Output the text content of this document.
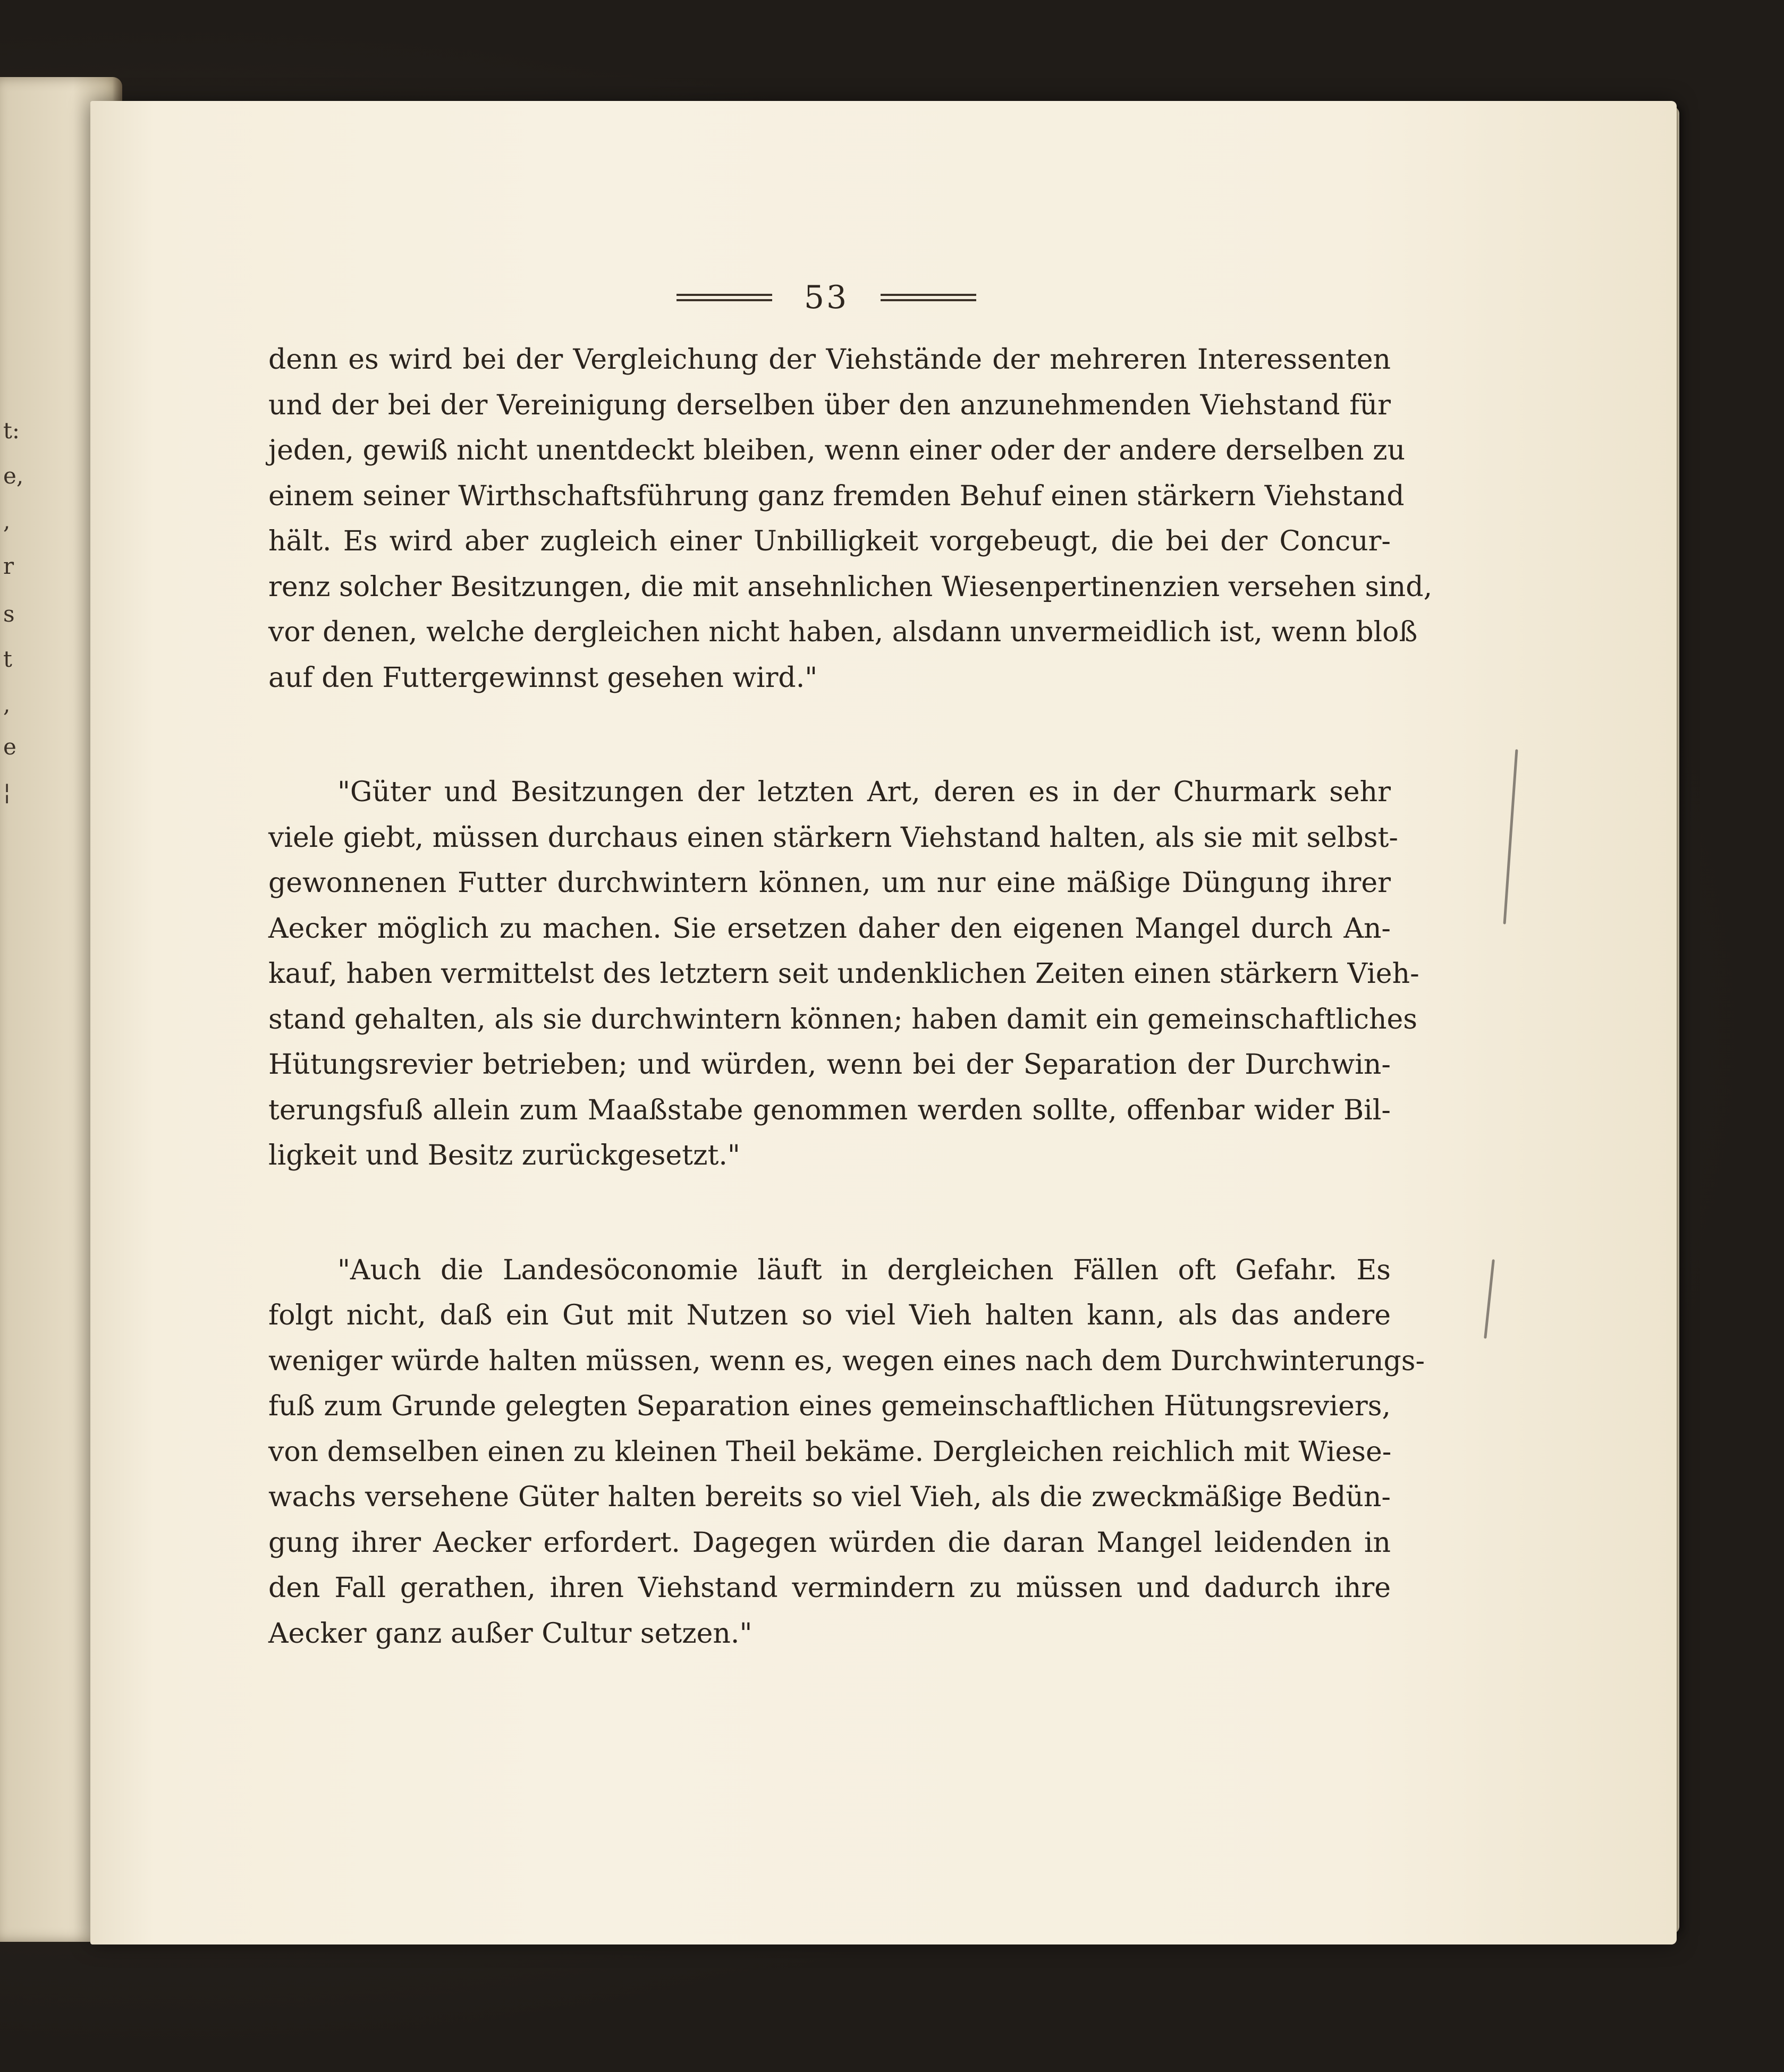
t:
e,
,
r
s
t
,
e
¦
53

denn es wird bei der Vergleichung der Viehstände der mehreren Interessenten
und der bei der Vereinigung derselben über den anzunehmenden Viehstand für
jeden, gewiß nicht unentdeckt bleiben, wenn einer oder der andere derselben zu
einem seiner Wirthschaftsführung ganz fremden Behuf einen stärkern Viehstand
hält. Es wird aber zugleich einer Unbilligkeit vorgebeugt, die bei der Concur-
renz solcher Besitzungen, die mit ansehnlichen Wiesenpertinenzien versehen sind,
vor denen, welche dergleichen nicht haben, alsdann unvermeidlich ist, wenn bloß
auf den Futtergewinnst gesehen wird."

"Güter und Besitzungen der letzten Art, deren es in der Churmark sehr
viele giebt, müssen durchaus einen stärkern Viehstand halten, als sie mit selbst-
gewonnenen Futter durchwintern können, um nur eine mäßige Düngung ihrer
Aecker möglich zu machen. Sie ersetzen daher den eigenen Mangel durch An-
kauf, haben vermittelst des letztern seit undenklichen Zeiten einen stärkern Vieh-
stand gehalten, als sie durchwintern können; haben damit ein gemeinschaftliches
Hütungsrevier betrieben; und würden, wenn bei der Separation der Durchwin-
terungsfuß allein zum Maaßstabe genommen werden sollte, offenbar wider Bil-
ligkeit und Besitz zurückgesetzt."

"Auch die Landesöconomie läuft in dergleichen Fällen oft Gefahr. Es
folgt nicht, daß ein Gut mit Nutzen so viel Vieh halten kann, als das andere
weniger würde halten müssen, wenn es, wegen eines nach dem Durchwinterungs-
fuß zum Grunde gelegten Separation eines gemeinschaftlichen Hütungsreviers,
von demselben einen zu kleinen Theil bekäme. Dergleichen reichlich mit Wiese-
wachs versehene Güter halten bereits so viel Vieh, als die zweckmäßige Bedün-
gung ihrer Aecker erfordert. Dagegen würden die daran Mangel leidenden in
den Fall gerathen, ihren Viehstand vermindern zu müssen und dadurch ihre
Aecker ganz außer Cultur setzen."
